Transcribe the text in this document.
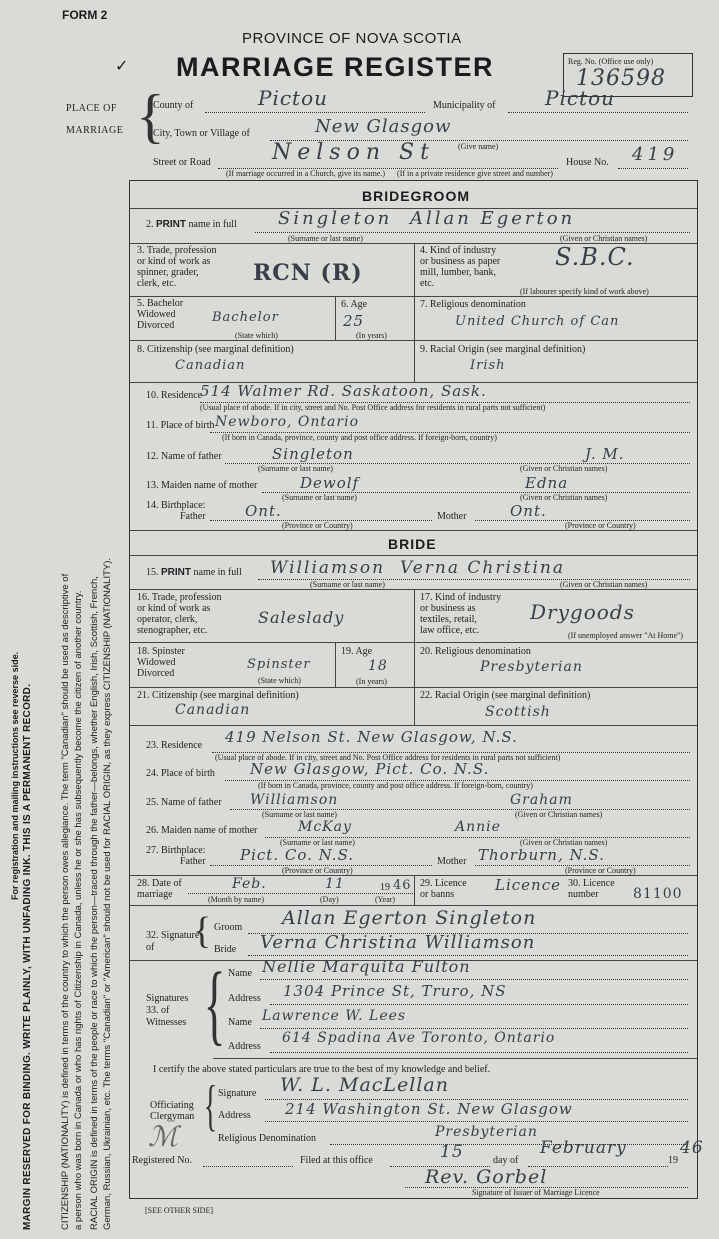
FORM 2
✓
PROVINCE OF NOVA SCOTIA
MARRIAGE REGISTER	Reg. No. (Office use only)
136598
PLACE OF
MARRIAGE {
County of	Pictou	Municipality of Pictou
City, Town or Village of	New Glasgow
(Give name)
Street or Road	Nelson St	House No. 419
(If marriage occurred in a Church, give its name.)      (If in a private residence give street and number)
BRIDEGROOM
2. PRINT name in full Singleton Allan Egerton
(Surname or last name)	(Given or Christian names)
3. Trade, profession
or kind of work as
spinner, grader,
clerk, etc.	RCN (R)
4. Kind of industry
or business as paper
mill, lumber, bank,
etc.
S.B.C.
(If labourer specify kind of work above)
5. Bachelor
Widowed
Divorced
Bachelor
(State which)
6. Age
25
(In years)
7. Religious denomination
United Church of Can
8. Citizenship (see marginal definition)
Canadian
9. Racial Origin (see marginal definition)
Irish
10. Residence
514 Walmer Rd. Saskatoon, Sask.
(Usual place of abode. If in city, street and No. Post Office address for residents in rural parts not sufficient)
11. Place of birth Newboro, Ontario
(If born in Canada, province, county and post office address. If foreign-born, country)
12. Name of father	Singleton	J. M.
(Surname or last name)	(Given or Christian names)
13. Maiden name of mother	Dewolf	Edna
(Surname or last name)	(Given or Christian names)
14. Birthplace:
Father	Ont.	Mother	Ont.
(Province or Country)	(Province or Country)
BRIDE
15. PRINT name in full Williamson Verna Christina
(Surname or last name)	(Given or Christian names)
16. Trade, profession
or kind of work as
operator, clerk,
stenographer, etc.
Saleslady
17. Kind of industry
or business as
textiles, retail,
law office, etc.
Drygoods
(If unemployed answer "At Home")
18. Spinster
Widowed
Divorced
Spinster
(State which)
19. Age
18
(In years)
20. Religious denomination
Presbyterian
21. Citizenship (see marginal definition)
Canadian
22. Racial Origin (see marginal definition)
Scottish
23. Residence 419 Nelson St. New Glasgow, N.S.
(Usual place of abode. If in city, street and No. Post Office address for residents in rural parts not sufficient)
24. Place of birth New Glasgow, Pict. Co. N.S.
(If born in Canada, province, county and post office address. If foreign-born, country)
25. Name of father Williamson	Graham
(Surname or last name)	(Given or Christian names)
26. Maiden name of mother	McKay	Annie
(Surname or last name)	(Given or Christian names)
27. Birthplace:
Father Pict. Co. N.S.	Mother Thorburn, N.S.
(Province or Country)	(Province or Country)
28. Date of
marriage
Feb.	11	19 46
(Month by name)	(Day)	(Year)
29. Licence
or banns
Licence 30. Licence
number	81100
32. Signature
of	{ Groom Allan Egerton Singleton
Bride Verna Christina Williamson
Signatures
33. of
Witnesses { Name Nellie Marquita Fulton
Address 1304 Prince St, Truro, NS
Name Lawrence W. Lees
Address
614 Spadina Ave Toronto, Ontario
I certify the above stated particulars are true to the best of my knowledge and belief.
Officiating
Clergyman { Signature W. L. MacLellan
Address 214 Washington St. New Glasgow
Religious Denomination	Presbyterian
ℳ
Registered No.	Filed at this office	15	day of
February
19
46
Rev. Gorbel
Signature of Issuer of Marriage Licence
[SEE OTHER SIDE]
For registration and mailing instructions see reverse side. MARGIN RESERVED FOR BINDING. WRITE PLAINLY, WITH UNFADING INK. THIS IS A PERMANENT RECORD.	CITIZENSHIP (NATIONALITY) is defined in terms of the country to which the person owes allegiance. The term "Canadian" should be used as descriptive of a person who was born in Canada or who has rights of Citizenship in Canada, unless he or she has subsequently become the citizen of another country. RACIAL ORIGIN is defined in terms of the people or race to which the person—traced through the father—belongs, whether English, Irish, Scottish, French, German, Russian, Ukrainian, etc. The terms "Canadian" or "American" should not be used for RACIAL ORIGIN, as they express CITIZENSHIP (NATIONALITY).
